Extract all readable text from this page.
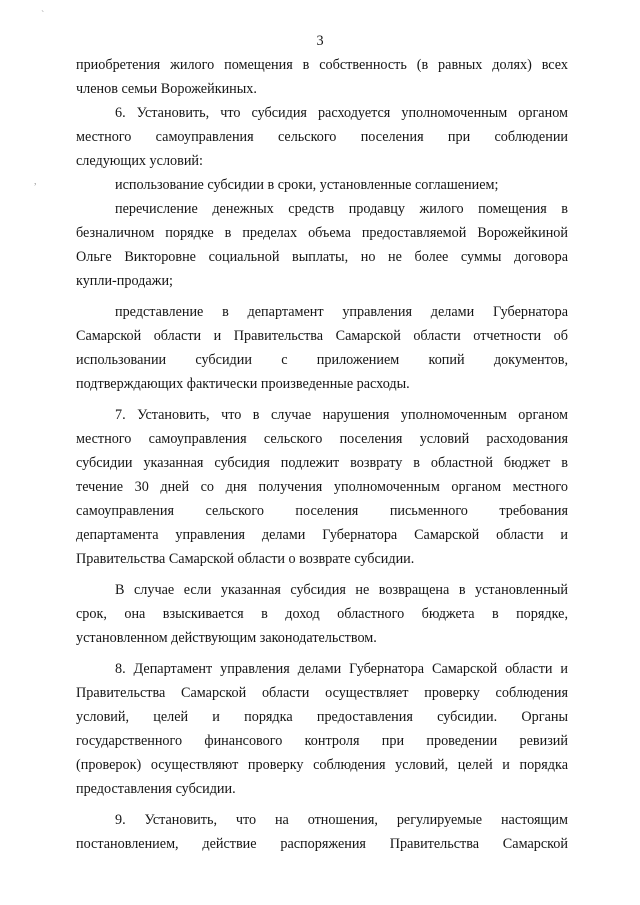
`
,
3
приобретения жилого помещения в собственность (в равных долях) всех
членов семьи Ворожейкиных.
6. Установить, что субсидия расходуется уполномоченным органом
местного самоуправления сельского поселения при соблюдении
следующих условий:
использование субсидии в сроки, установленные соглашением;
перечисление денежных средств продавцу жилого помещения в
безналичном порядке в пределах объема предоставляемой Ворожейкиной
Ольге Викторовне социальной выплаты, но не более суммы договора
купли-продажи;
представление в департамент управления делами Губернатора
Самарской области и Правительства Самарской области отчетности об
использовании субсидии с приложением копий документов,
подтверждающих фактически произведенные расходы.
7. Установить, что в случае нарушения уполномоченным органом
местного самоуправления сельского поселения условий расходования
субсидии указанная субсидия подлежит возврату в областной бюджет в
течение 30 дней со дня получения уполномоченным органом местного
самоуправления сельского поселения письменного требования
департамента управления делами Губернатора Самарской области и
Правительства Самарской области о возврате субсидии.
В случае если указанная субсидия не возвращена в установленный
срок, она взыскивается в доход областного бюджета в порядке,
установленном действующим законодательством.
8. Департамент управления делами Губернатора Самарской области и
Правительства Самарской области осуществляет проверку соблюдения
условий, целей и порядка предоставления субсидии. Органы
государственного финансового контроля при проведении ревизий
(проверок) осуществляют проверку соблюдения условий, целей и порядка
предоставления субсидии.
9. Установить, что на отношения, регулируемые настоящим
постановлением, действие распоряжения Правительства Самарской
